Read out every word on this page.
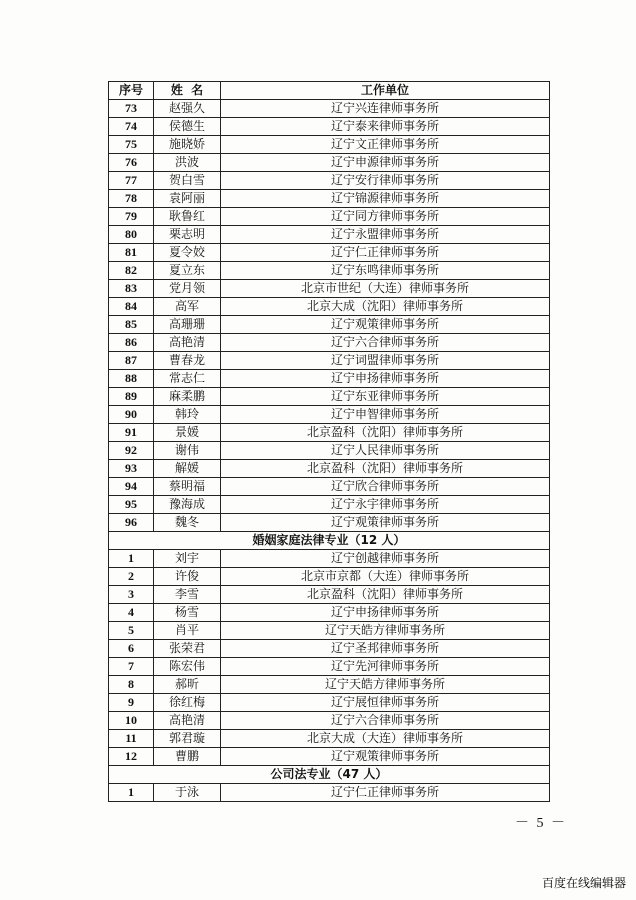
序号	姓  名	工作单位
73	赵强久	辽宁兴连律师事务所
74	侯德生	辽宁泰来律师事务所
75	施晓娇	辽宁文正律师事务所
76	洪波	辽宁申源律师事务所
77	贺白雪	辽宁安行律师事务所
78	袁阿丽	辽宁锦源律师事务所
79	耿鲁红	辽宁同方律师事务所
80	栗志明	辽宁永盟律师事务所
81	夏令姣	辽宁仁正律师事务所
82	夏立东	辽宁东鸣律师事务所
83	党月领	北京市世纪（大连）律师事务所
84	高军	北京大成（沈阳）律师事务所
85	高珊珊	辽宁观策律师事务所
86	高艳清	辽宁六合律师事务所
87	曹春龙	辽宁词盟律师事务所
88	常志仁	辽宁申扬律师事务所
89	麻柔鹏	辽宁东亚律师事务所
90	韩玲	辽宁申智律师事务所
91	景媛	北京盈科（沈阳）律师事务所
92	谢伟	辽宁人民律师事务所
93	解媛	北京盈科（沈阳）律师事务所
94	蔡明福	辽宁欣合律师事务所
95	豫海成	辽宁永宇律师事务所
96	魏冬	辽宁观策律师事务所
婚姻家庭法律专业（12 人）		
1	刘宇	辽宁创越律师事务所
2	许俊	北京市京都（大连）律师事务所
3	李雪	北京盈科（沈阳）律师事务所
4	杨雪	辽宁申扬律师事务所
5	肖平	辽宁天皓方律师事务所
6	张荣君	辽宁圣邦律师事务所
7	陈宏伟	辽宁先河律师事务所
8	郝昕	辽宁天皓方律师事务所
9	徐红梅	辽宁展恒律师事务所
10	高艳清	辽宁六合律师事务所
11	郭君璇	北京大成（大连）律师事务所
12	曹鹏	辽宁观策律师事务所
公司法专业（47 人）		
1	于泳	辽宁仁正律师事务所
－ 5 －
百度在线编辑器
